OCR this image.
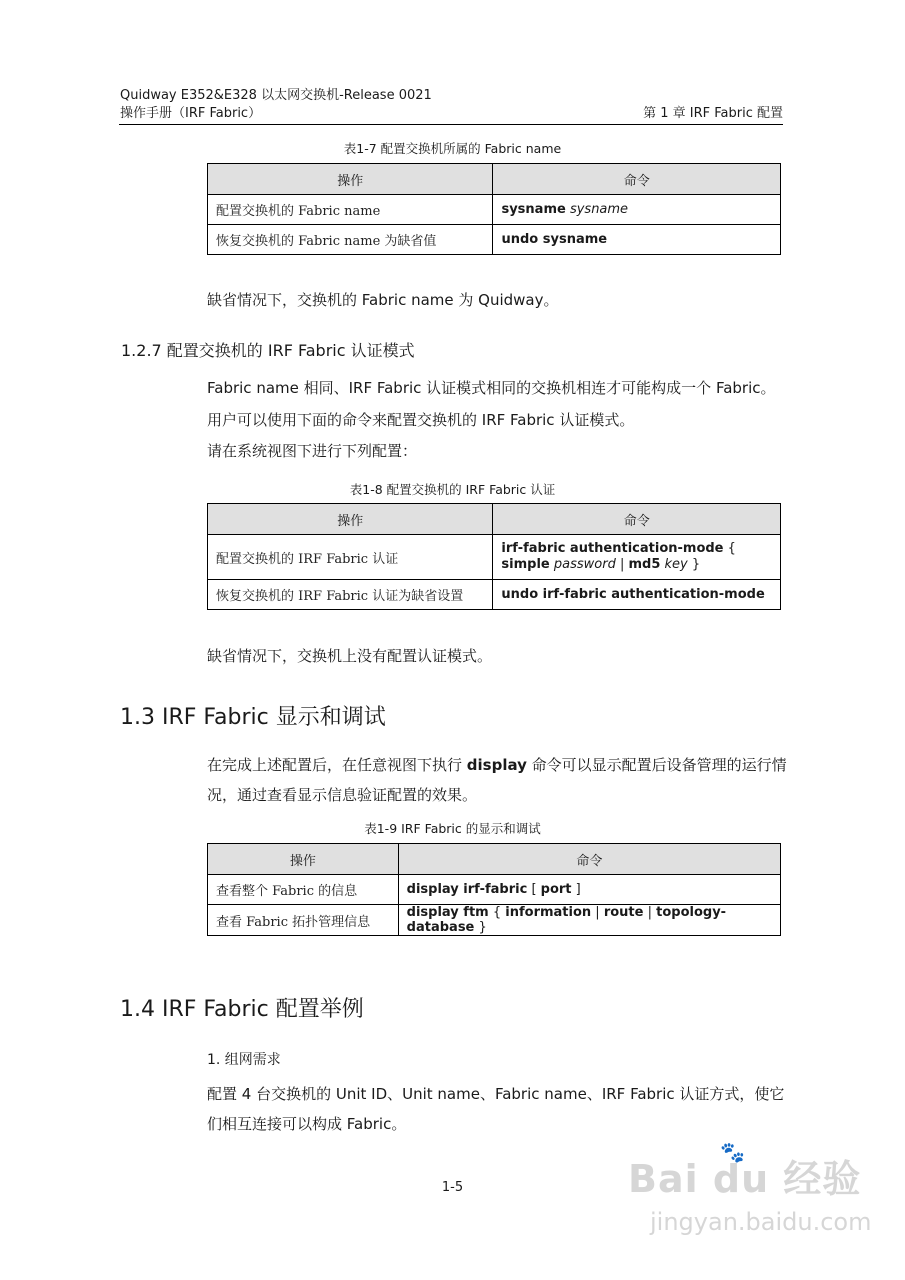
Quidway E352&E328 以太网交换机-Release 0021
操作手册（IRF Fabric）	第 1 章 IRF Fabric 配置
表1-7 配置交换机所属的 Fabric name
操作	命令
配置交换机的 Fabric name	sysname sysname
恢复交换机的 Fabric name 为缺省值	undo sysname
缺省情况下，交换机的 Fabric name 为 Quidway。
1.2.7 配置交换机的 IRF Fabric 认证模式
Fabric name 相同、IRF Fabric 认证模式相同的交换机相连才可能构成一个 Fabric。
用户可以使用下面的命令来配置交换机的 IRF Fabric 认证模式。
请在系统视图下进行下列配置：
表1-8 配置交换机的 IRF Fabric 认证
操作	命令
配置交换机的 IRF Fabric 认证	irf-fabric authentication-mode { simple password | md5 key }
恢复交换机的 IRF Fabric 认证为缺省设置	undo irf-fabric authentication-mode
缺省情况下，交换机上没有配置认证模式。
1.3 IRF Fabric 显示和调试
在完成上述配置后，在任意视图下执行 display 命令可以显示配置后设备管理的运行情况，通过查看显示信息验证配置的效果。
表1-9 IRF Fabric 的显示和调试
操作	命令
查看整个 Fabric 的信息	display irf-fabric [ port ]
查看 Fabric 拓扑管理信息	display ftm { information | route | topology-database }
1.4 IRF Fabric 配置举例
1. 组网需求
配置 4 台交换机的 Unit ID、Unit name、Fabric name、IRF Fabric 认证方式，使它们相互连接可以构成 Fabric。
1-5	Bai du 经验
🐾
jingyan.baidu.com
